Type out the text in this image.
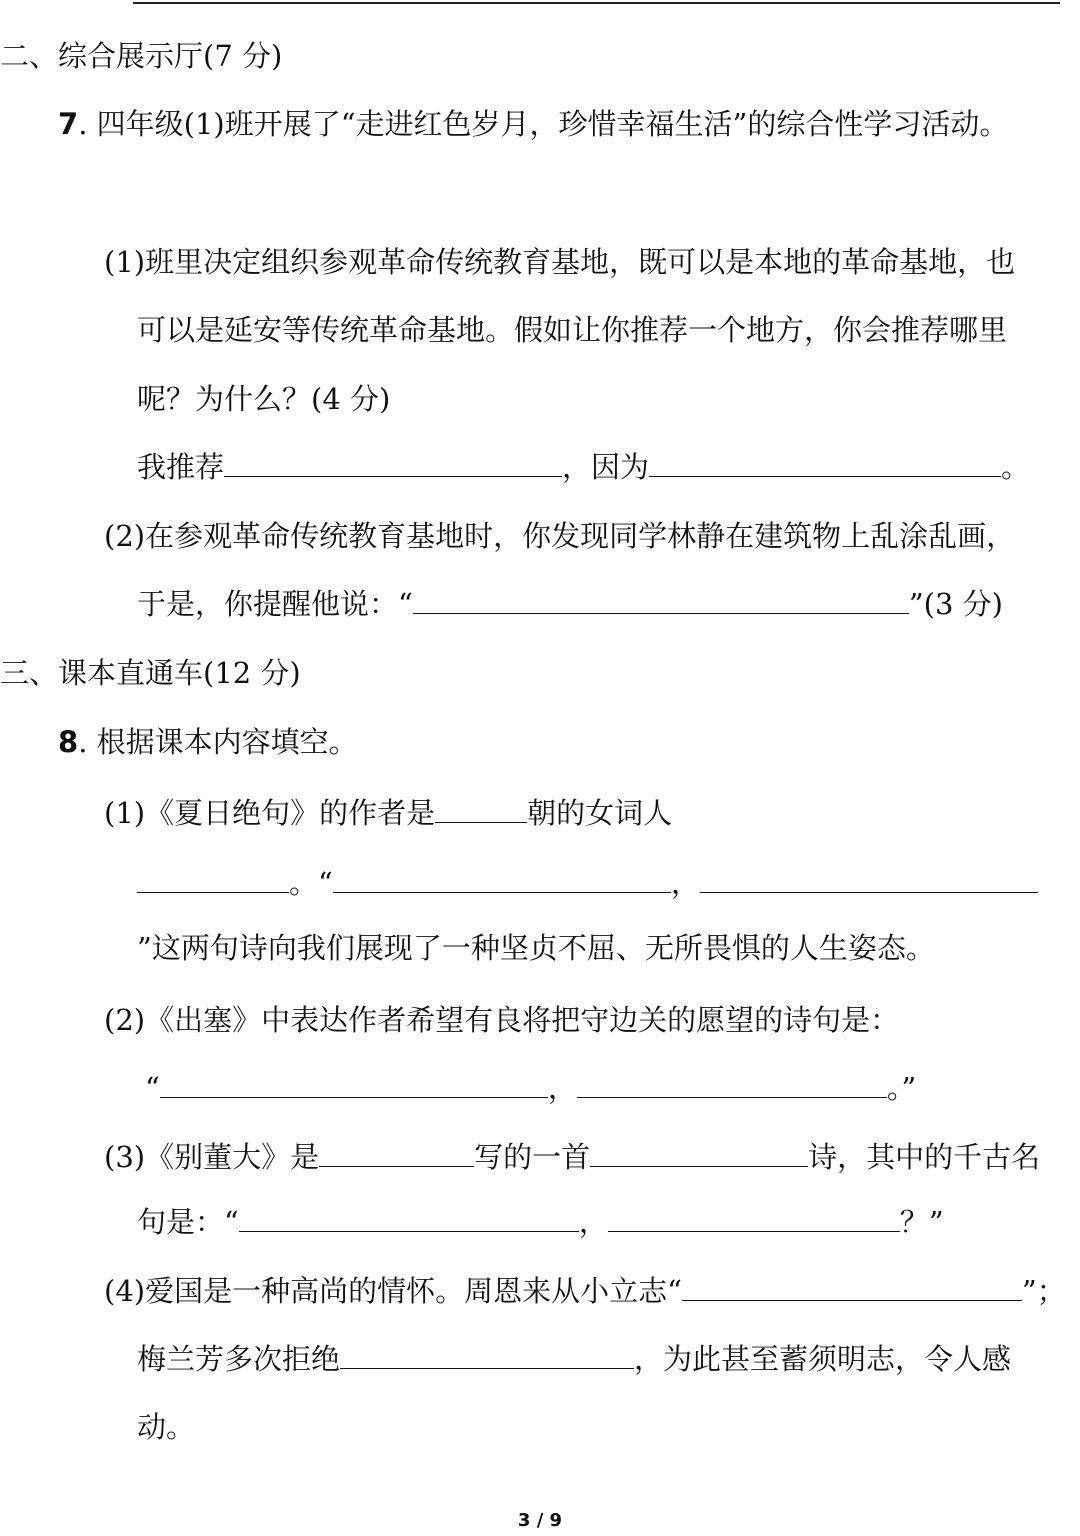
二、综合展示厅(7 分)
7. 四年级(1)班开展了“走进红色岁月，珍惜幸福生活”的综合性学习活动。
(1)班里决定组织参观革命传统教育基地，既可以是本地的革命基地，也
可以是延安等传统革命基地。假如让你推荐一个地方，你会推荐哪里
呢？为什么？(4 分)
我推荐	，因为	。
(2)在参观革命传统教育基地时，你发现同学林静在建筑物上乱涂乱画，
于是，你提醒他说：“	”(3 分)
三、课本直通车(12 分)
8. 根据课本内容填空。
(1)《夏日绝句》的作者是	朝的女词人
。“	，
”这两句诗向我们展现了一种坚贞不屈、无所畏惧的人生姿态。
(2)《出塞》中表达作者希望有良将把守边关的愿望的诗句是：
“	，	。”
(3)《别董大》是	写的一首	诗，其中的千古名
句是：“	，	？”
(4)爱国是一种高尚的情怀。周恩来从小立志“	”；
梅兰芳多次拒绝	，为此甚至蓄须明志，令人感
动。
3 / 9
